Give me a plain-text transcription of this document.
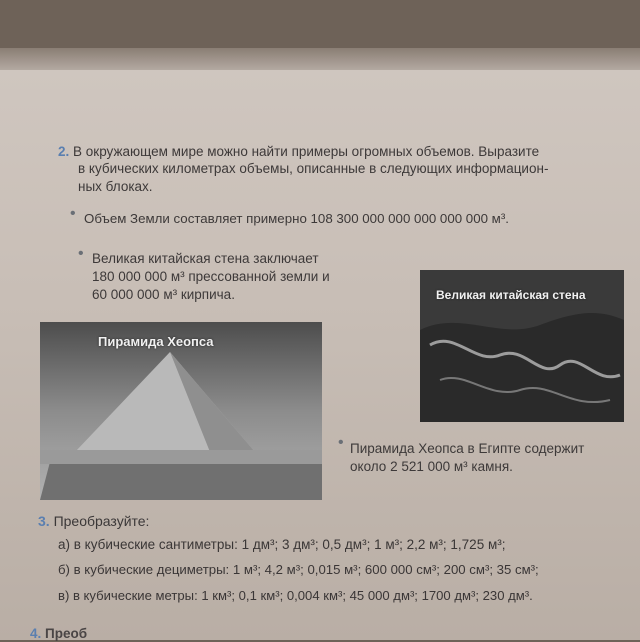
2. В окружающем мире можно найти примеры огромных объемов. Выразите
в кубических километрах объемы, описанные в следующих информацион-
ных блоках.
• Объем Земли составляет примерно 108 300 000 000 000 000 000 м³.
• Великая китайская стена заключает
180 000 000 м³ прессованной земли и
60 000 000 м³ кирпича.
Пирамида Хеопса
Великая китайская стена
• Пирамида Хеопса в Египте содержит
около 2 521 000 м³ камня.
3. Преобразуйте:
а) в кубические сантиметры: 1 дм³; 3 дм³; 0,5 дм³; 1 м³; 2,2 м³; 1,725 м³;
б) в кубические дециметры: 1 м³; 4,2 м³; 0,015 м³; 600 000 см³; 200 см³; 35 см³;
в) в кубические метры: 1 км³; 0,1 км³; 0,004 км³; 45 000 дм³; 1700 дм³; 230 дм³.
4. Преоб
